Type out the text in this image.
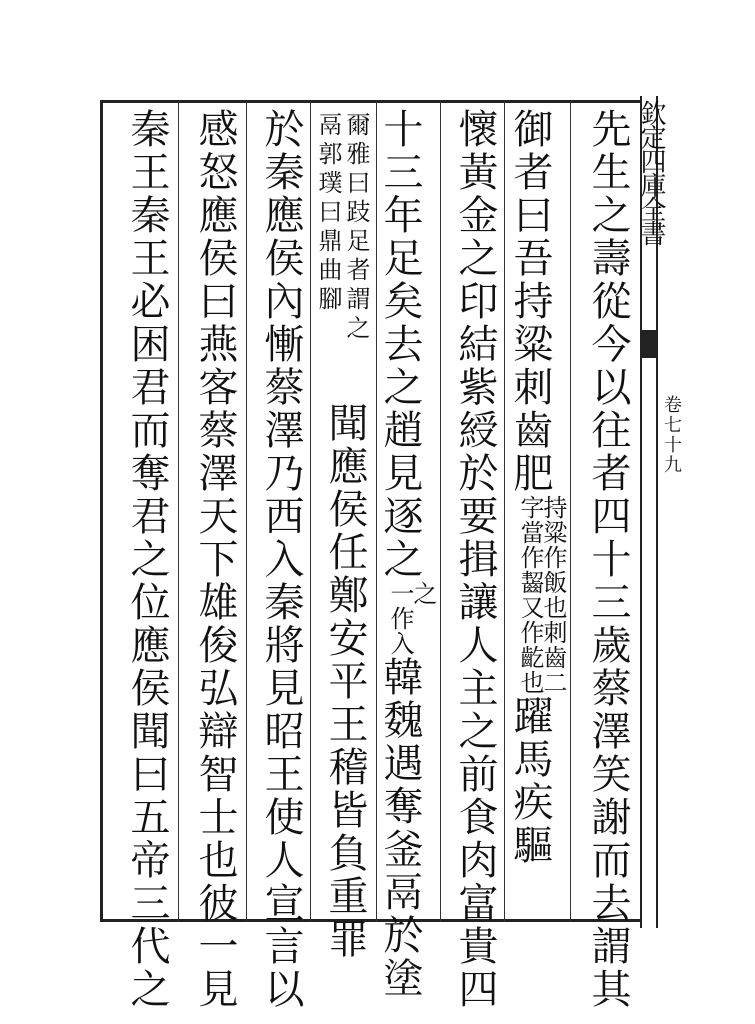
欽定四庫全書
卷七十九
先生之壽從今以往者四十三歲蔡澤笑謝而去謂其
御者曰吾持粱刺齒肥
持粱作飯也刺齒二
字當作齧又作齕也
躍馬疾驅
懷黃金之印結紫綬於要揖讓人主之前食肉富貴四
十三年足矣去之趙見逐之
之
一作入
韓魏遇奪釜鬲於塗
爾雅曰跂足者謂之
鬲郭璞曰鼎曲腳
聞應侯任鄭安平王稽皆負重罪
於秦應侯內慚蔡澤乃西入秦將見昭王使人宣言以
感怒應侯曰燕客蔡澤天下雄俊弘辯智士也彼一見
秦王秦王必困君而奪君之位應侯聞曰五帝三代之
